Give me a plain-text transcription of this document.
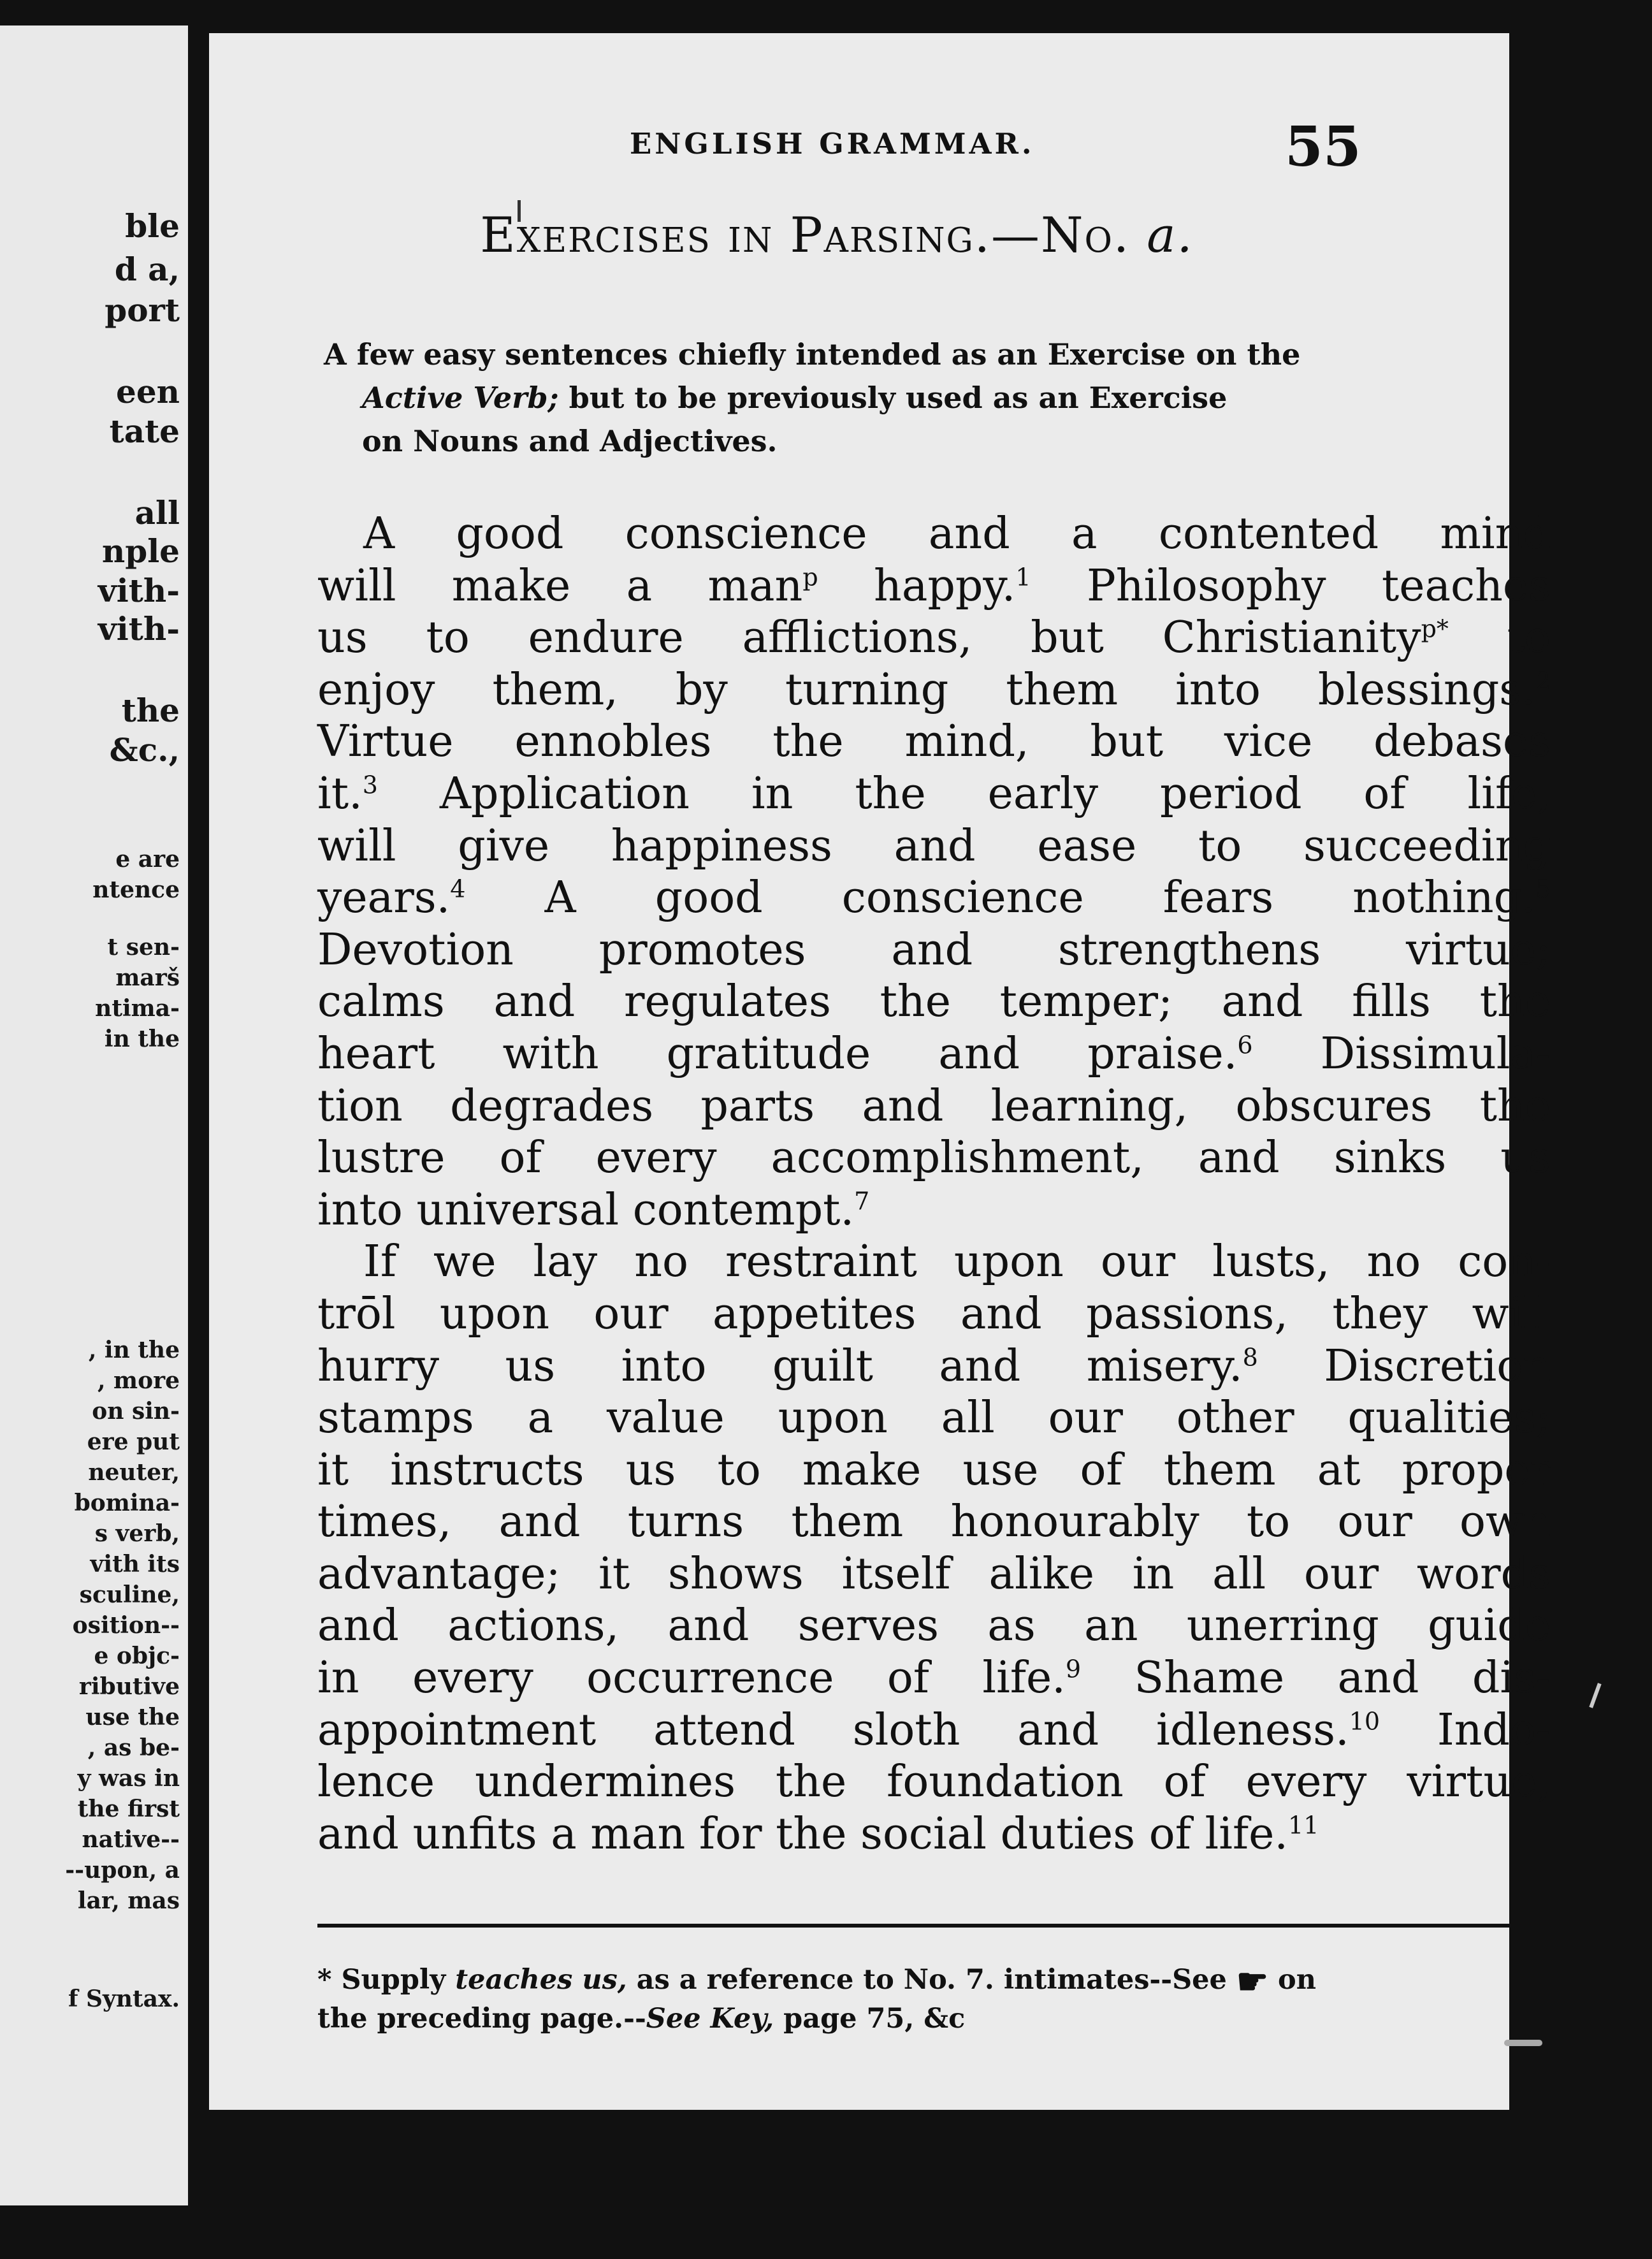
ble
d a,
port
een
tate
all
nple
vith-
vith-
the
&c.,
e are
ntence
t sen-
marš
ntima-
in the
, in the
, more
on sin-
ere put
neuter,
bomina-
s verb,
vith its
sculine,
osition--
e objc-
ributive
use the
, as be-
y was in
the first
native--
--upon, a
lar, mas
f Syntax.
ENGLISH GRAMMAR.	55
Exercises in Parsing.—No. a.
A few easy sentences chiefly intended as an Exercise on the
Active Verb; but to be previously used as an Exercise
on Nouns and Adjectives.
A good conscience and a contented mind
will make a man$^p$ happy.$^1$ Philosophy teaches
us to endure afflictions, but Christianity$^{p*}$ to
enjoy them, by turning them into blessings.$^2$
Virtue ennobles the mind, but vice debases
it.$^3$ Application in the early period of life,
will give happiness and ease to succeeding
years.$^4$ A good conscience fears nothing.$^5$
Devotion promotes and strengthens virtue;
calms and regulates the temper; and fills the
heart with gratitude and praise.$^6$ Dissimula-
tion degrades parts and learning, obscures the
lustre of every accomplishment, and sinks us
into universal contempt.$^7$
If we lay no restraint upon our lusts, no con-
trōl upon our appetites and passions, they will
hurry us into guilt and misery.$^8$ Discretion
stamps a value upon all our other qualities;
it instructs us to make use of them at proper
times, and turns them honourably to our own
advantage; it shows itself alike in all our words
and actions, and serves as an unerring guide
in every occurrence of life.$^9$ Shame and dis-
appointment attend sloth and idleness.$^{10}$ Indo-
lence undermines the foundation of every virtue,
and unfits a man for the social duties of life.$^{11}$
* Supply teaches us, as a reference to No. 7. intimates--See ☛ on
the preceding page.--See Key, page 75, &c
